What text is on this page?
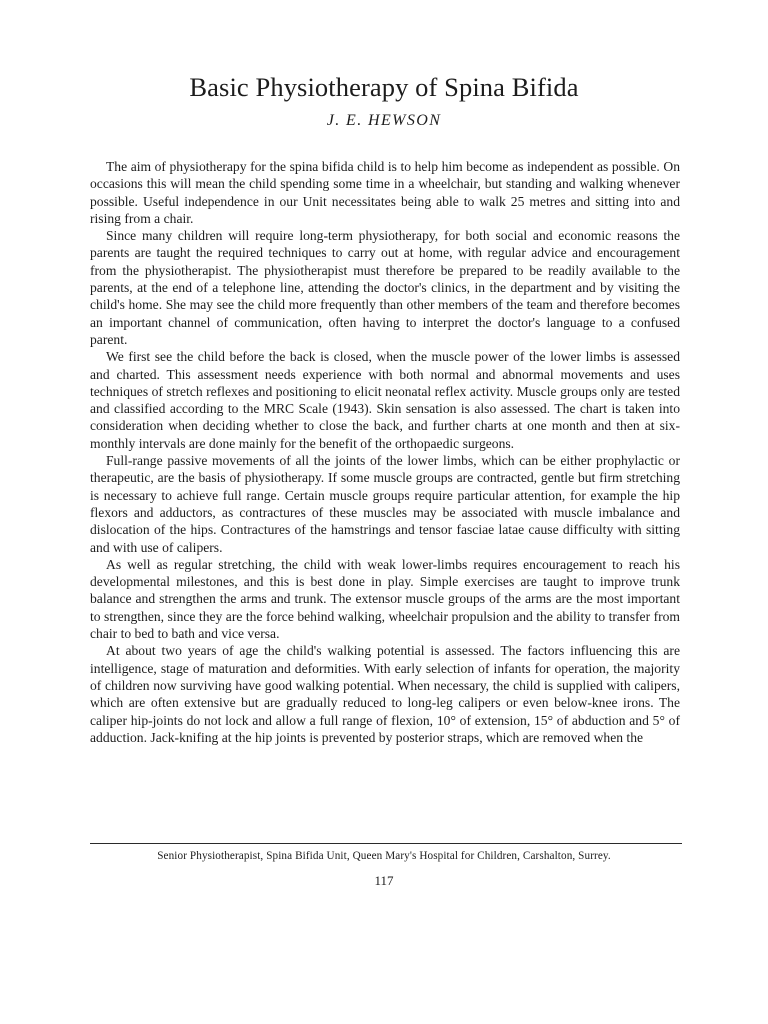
Basic Physiotherapy of Spina Bifida
J. E. HEWSON

The aim of physiotherapy for the spina bifida child is to help him become as independent as possible. On occasions this will mean the child spending some time in a wheelchair, but standing and walking whenever possible. Useful independence in our Unit necessitates being able to walk 25 metres and sitting into and rising from a chair.

Since many children will require long-term physiotherapy, for both social and economic reasons the parents are taught the required techniques to carry out at home, with regular advice and encouragement from the physiotherapist. The physiotherapist must therefore be prepared to be readily available to the parents, at the end of a telephone line, attending the doctor's clinics, in the department and by visiting the child's home. She may see the child more frequently than other members of the team and therefore becomes an important channel of communication, often having to interpret the doctor's language to a confused parent.

We first see the child before the back is closed, when the muscle power of the lower limbs is assessed and charted. This assessment needs experience with both normal and abnormal movements and uses techniques of stretch reflexes and positioning to elicit neonatal reflex activity. Muscle groups only are tested and classified according to the MRC Scale (1943). Skin sensation is also assessed. The chart is taken into consideration when deciding whether to close the back, and further charts at one month and then at six-monthly intervals are done mainly for the benefit of the orthopaedic surgeons.

Full-range passive movements of all the joints of the lower limbs, which can be either prophylactic or therapeutic, are the basis of physiotherapy. If some muscle groups are contracted, gentle but firm stretching is necessary to achieve full range. Certain muscle groups require particular attention, for example the hip flexors and adductors, as contractures of these muscles may be associated with muscle imbalance and dislocation of the hips. Contractures of the hamstrings and tensor fasciae latae cause difficulty with sitting and with use of calipers.

As well as regular stretching, the child with weak lower-limbs requires encouragement to reach his developmental milestones, and this is best done in play. Simple exercises are taught to improve trunk balance and strengthen the arms and trunk. The extensor muscle groups of the arms are the most important to strengthen, since they are the force behind walking, wheelchair propulsion and the ability to transfer from chair to bed to bath and vice versa.

At about two years of age the child's walking potential is assessed. The factors influencing this are intelligence, stage of maturation and deformities. With early selection of infants for operation, the majority of children now surviving have good walking potential. When necessary, the child is supplied with calipers, which are often extensive but are gradually reduced to long-leg calipers or even below-knee irons. The caliper hip-joints do not lock and allow a full range of flexion, 10° of extension, 15° of abduction and 5° of adduction. Jack-knifing at the hip joints is prevented by posterior straps, which are removed when the

Senior Physiotherapist, Spina Bifida Unit, Queen Mary's Hospital for Children, Carshalton, Surrey.
117
